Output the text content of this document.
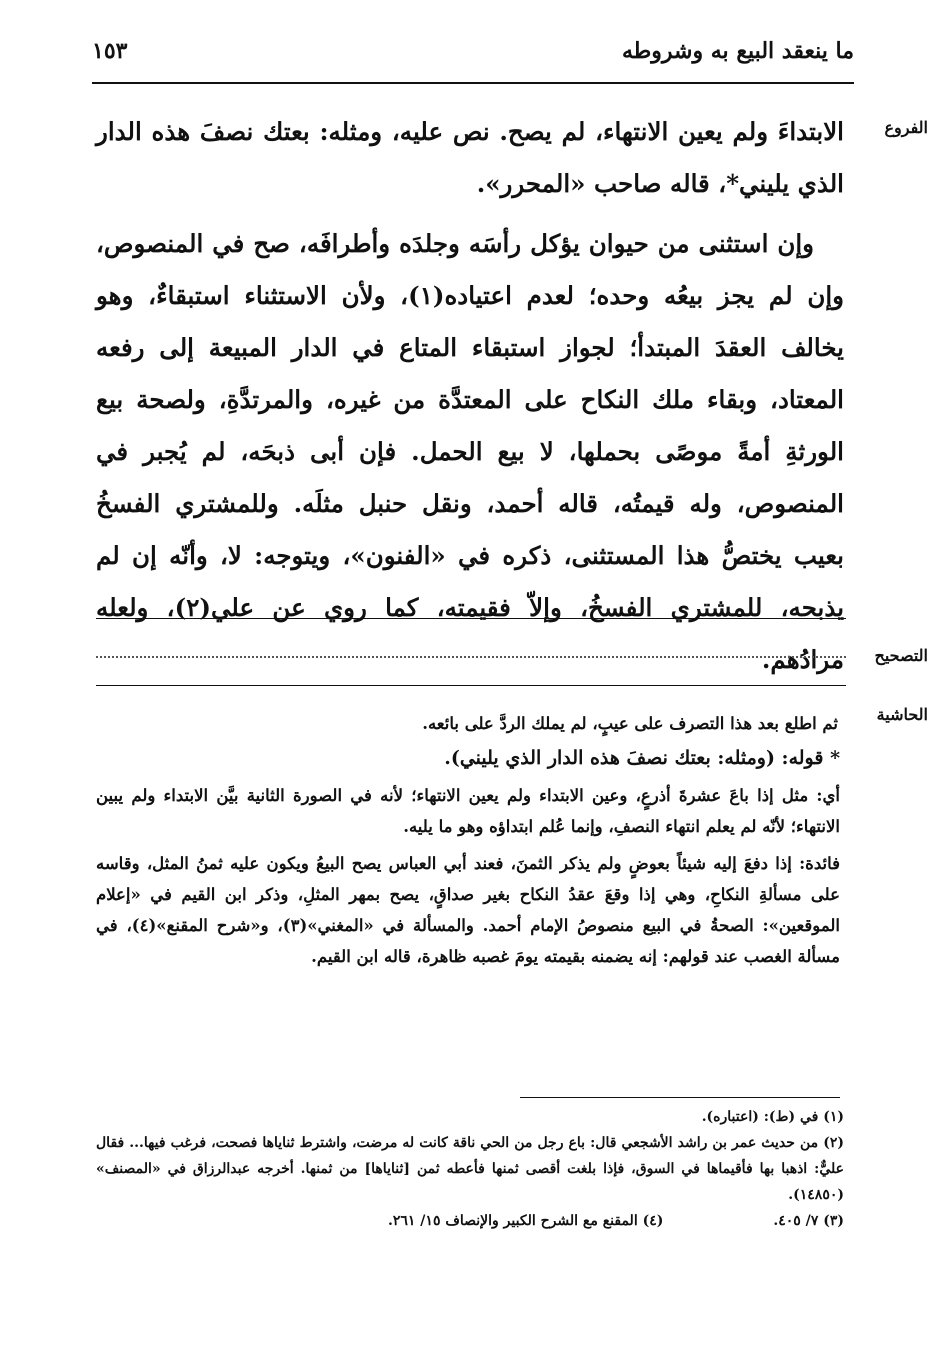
ما ينعقد البيع به وشروطه
١٥٣
الفروع

الابتداءَ ولم يعين الانتهاء، لم يصح. نص عليه، ومثله: بعتك نصفَ هذه الدار الذي يليني*، قاله صاحب «المحرر».

وإن استثنى من حيوان يؤكل رأسَه وجلدَه وأطرافَه، صح في المنصوص، وإن لم يجز بيعُه وحده؛ لعدم اعتياده(١)، ولأن الاستثناء استبقاءٌ، وهو يخالف العقدَ المبتدأ؛ لجواز استبقاء المتاع في الدار المبيعة إلى رفعه المعتاد، وبقاء ملك النكاح على المعتدَّة من غيره، والمرتدَّةِ، ولصحة بيع الورثةِ أمةً موصًى بحملها، لا بيع الحمل. فإن أبى ذبحَه، لم يُجبر في المنصوص، وله قيمتُه، قاله أحمد، ونقل حنبل مثلَه. وللمشتري الفسخُ بعيب يختصُّ هذا المستثنى، ذكره في «الفنون»، ويتوجه: لا، وأنّه إن لم يذبحه، للمشتري الفسخُ، وإلاّ فقيمته، كما روي عن علي(٢)، ولعله مرادُهم.	التصحيح
الحاشية

ثم اطلع بعد هذا التصرف على عيبٍ، لم يملك الردَّ على بائعه.

* قوله: (ومثله: بعتك نصفَ هذه الدار الذي يليني).

أي: مثل إذا باعَ عشرةَ أذرعٍ، وعين الابتداء ولم يعين الانتهاء؛ لأنه في الصورة الثانية بيَّن الابتداء ولم يبين الانتهاء؛ لأنّه لم يعلم انتهاء النصفِ، وإنما عُلم ابتداؤه وهو ما يليه.

فائدة: إذا دفعَ إليه شيئاً بعوضٍ ولم يذكر الثمنَ، فعند أبي العباس يصح البيعُ ويكون عليه ثمنُ المثل، وقاسه على مسألةِ النكاحِ، وهي إذا وقعَ عقدُ النكاح بغير صداقٍ، يصح بمهر المثلِ، وذكر ابن القيم في «إعلام الموقعين»: الصحةُ في البيع منصوصُ الإمام أحمد. والمسألة في «المغني»(٣)، و«شرح المقنع»(٤)، في مسألة الغصب عند قولهم: إنه يضمنه بقيمته يومَ غصبه ظاهرة، قاله ابن القيم.

(١) في (ط): (اعتباره).

(٢) من حديث عمر بن راشد الأشجعي قال: باع رجل من الحي ناقة كانت له مرضت، واشترط ثناياها فصحت، فرغب فيها... فقال عليٌّ: اذهبا بها فأقيماها في السوق، فإذا بلغت أقصى ثمنها فأعطه ثمن [ثناياها] من ثمنها. أخرجه عبدالرزاق في «المصنف» (١٤٨٥٠).

(٣) ٧/ ٤٠٥.
(٤) المقنع مع الشرح الكبير والإنصاف ١٥/ ٢٦١.
